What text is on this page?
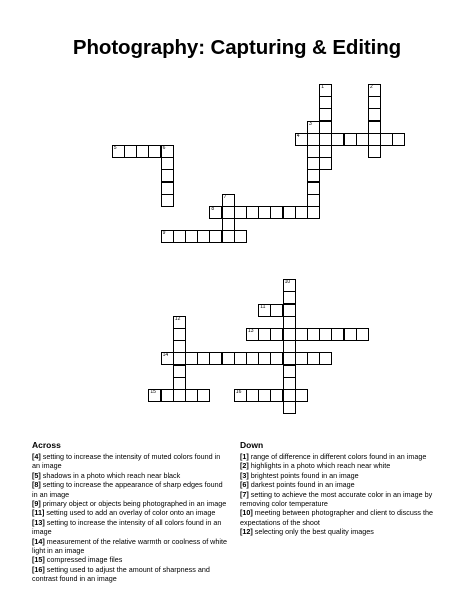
Photography: Capturing & Editing
1	2
3
4
5	6
7
8
9
10
11
12
13
14
15	16
Across
[4] setting to increase the intensity of muted colors found in an image
[5] shadows in a photo which reach near black
[8] setting to increase the appearance of sharp edges found in an image
[9] primary object or objects being photographed in an image
[11] setting used to add an overlay of color onto an image
[13] setting to increase the intensity of all colors found in an image
[14] measurement of the relative warmth or coolness of white light in an image
[15] compressed image files
[16] setting used to adjust the amount of sharpness and contrast found in an image
Down
[1] range of difference in different colors found in an image
[2] highlights in a photo which reach near white
[3] brightest points found in an image
[6] darkest points found in an image
[7] setting to achieve the most accurate color in an image by removing color temperature
[10] meeting between photographer and client to discuss the expectations of the shoot
[12] selecting only the best quality images
